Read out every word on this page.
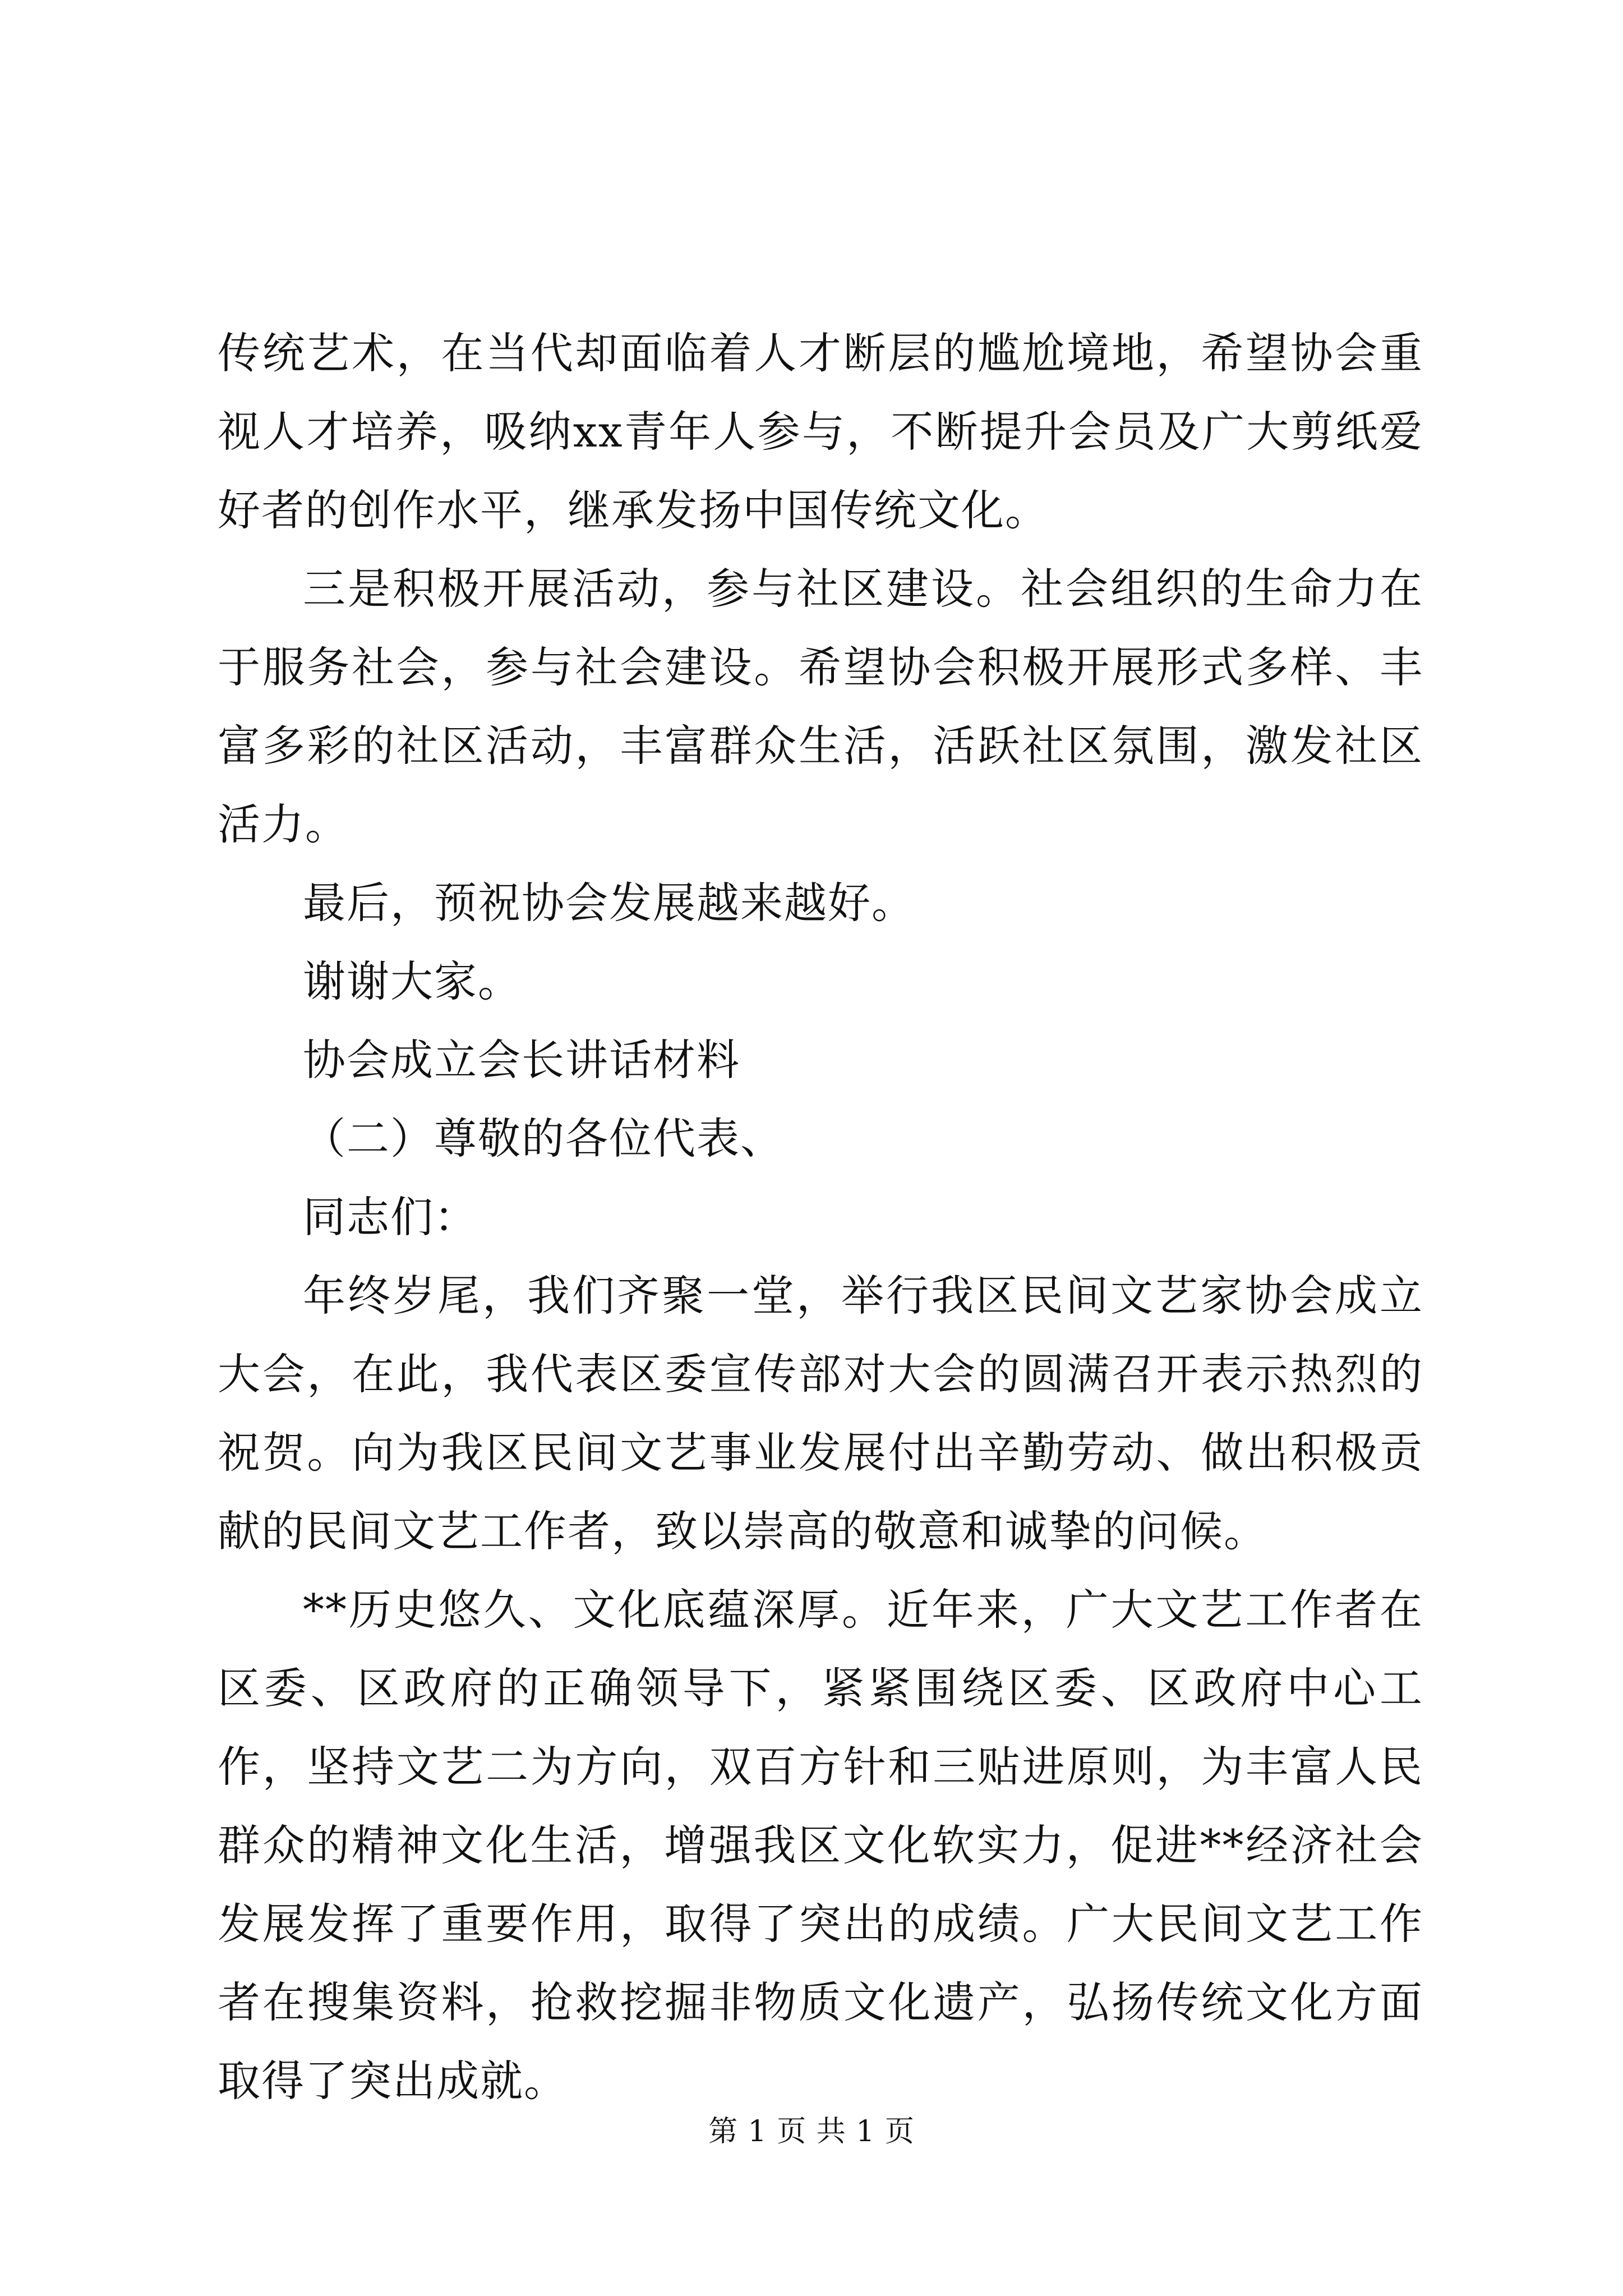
传统艺术，在当代却面临着人才断层的尴尬境地，希望协会重视人才培养，吸纳xx青年人参与，不断提升会员及广大剪纸爱好者的创作水平，继承发扬中国传统文化。

三是积极开展活动，参与社区建设。社会组织的生命力在于服务社会，参与社会建设。希望协会积极开展形式多样、丰富多彩的社区活动，丰富群众生活，活跃社区氛围，激发社区活力。

最后，预祝协会发展越来越好。

谢谢大家。

协会成立会长讲话材料

（二）尊敬的各位代表、

同志们：

年终岁尾，我们齐聚一堂，举行我区民间文艺家协会成立大会，在此，我代表区委宣传部对大会的圆满召开表示热烈的祝贺。向为我区民间文艺事业发展付出辛勤劳动、做出积极贡献的民间文艺工作者，致以崇高的敬意和诚挚的问候。

**历史悠久、文化底蕴深厚。近年来，广大文艺工作者在区委、区政府的正确领导下，紧紧围绕区委、区政府中心工作，坚持文艺二为方向，双百方针和三贴进原则，为丰富人民群众的精神文化生活，增强我区文化软实力，促进**经济社会发展发挥了重要作用，取得了突出的成绩。广大民间文艺工作者在搜集资料，抢救挖掘非物质文化遗产，弘扬传统文化方面取得了突出成就。

第 1 页 共 1 页
